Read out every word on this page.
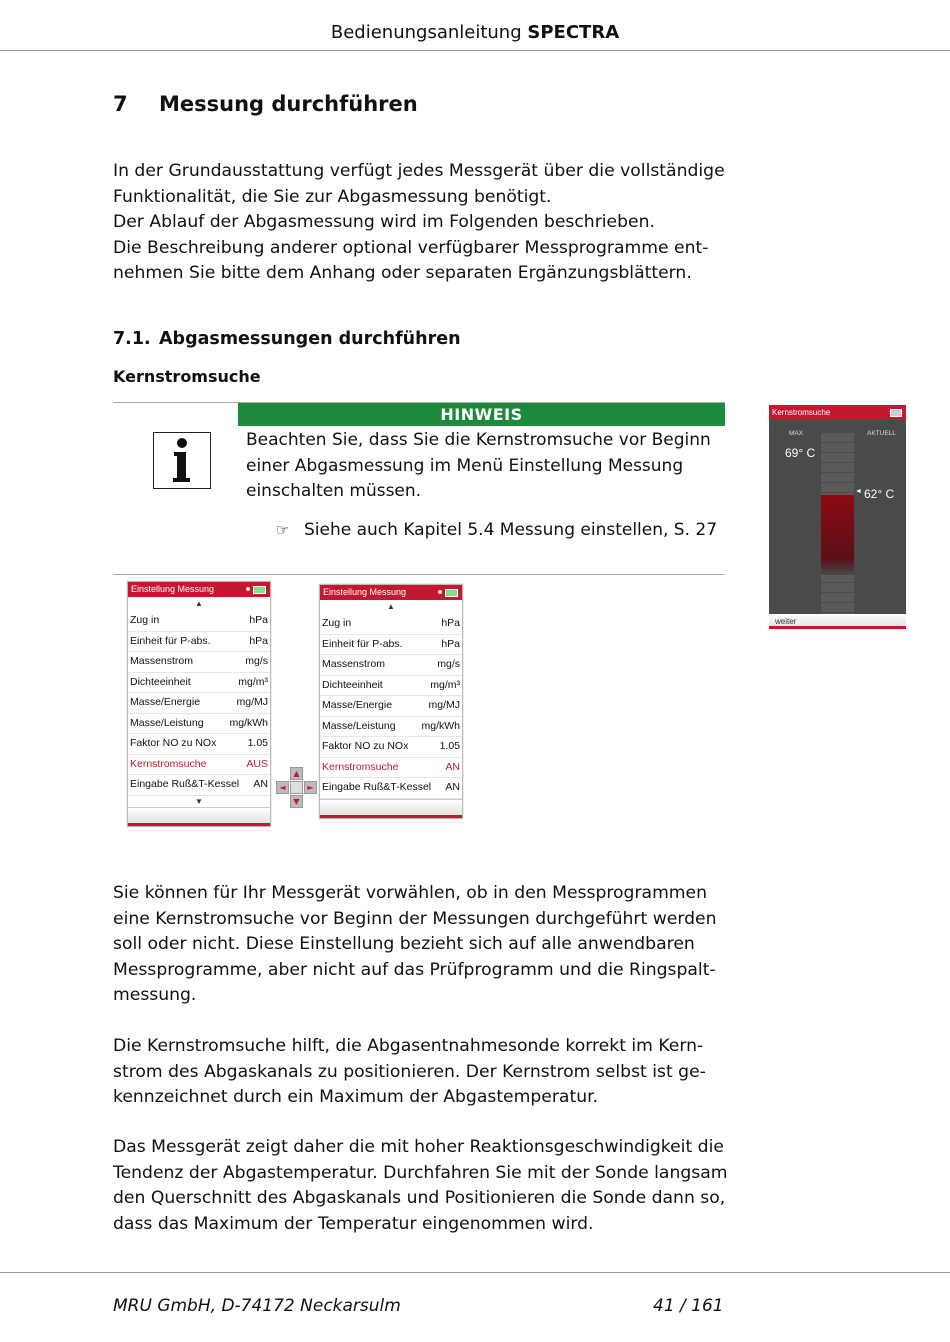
Bedienungsanleitung SPECTRA
7 Messung durchführen

In der Grundausstattung verfügt jedes Messgerät über die vollständige

Funktionalität, die Sie zur Abgasmessung benötigt.

Der Ablauf der Abgasmessung wird im Folgenden beschrieben.

Die Beschreibung anderer optional verfügbarer Messprogramme ent-

nehmen Sie bitte dem Anhang oder separaten Ergänzungsblättern.

7.1. Abgasmessungen durchführen
Kernstromsuche
HINWEIS
Beachten Sie, dass Sie die Kernstromsuche vor Beginn
einer Abgasmessung im Menü Einstellung Messung
einschalten müssen.
☞ Siehe auch Kapitel 5.4 Messung einstellen, S. 27
Kernstromsuche
MAX	AKTUELL
69° C
◄ 62° C
weiter
Einstellung Messung
▲
Zug in	hPa
Einheit für P-abs.	hPa
Massenstrom	mg/s
Dichteeinheit	mg/m³
Masse/Energie	mg/MJ
Masse/Leistung mg/kWh
Faktor NO zu NOx	1.05
Kernstromsuche	AUS
Eingabe Ruß&T-Kessel AN
▼
▲
◄	►
▼
Einstellung Messung
▲
Zug in	hPa
Einheit für P-abs.	hPa
Massenstrom	mg/s
Dichteeinheit	mg/m³
Masse/Energie	mg/MJ
Masse/Leistung mg/kWh
Faktor NO zu NOx	1.05
Kernstromsuche	AN
Eingabe Ruß&T-Kessel AN

Sie können für Ihr Messgerät vorwählen, ob in den Messprogrammen

eine Kernstromsuche vor Beginn der Messungen durchgeführt werden

soll oder nicht. Diese Einstellung bezieht sich auf alle anwendbaren

Messprogramme, aber nicht auf das Prüfprogramm und die Ringspalt-

messung.

Die Kernstromsuche hilft, die Abgasentnahmesonde korrekt im Kern-

strom des Abgaskanals zu positionieren. Der Kernstrom selbst ist ge-

kennzeichnet durch ein Maximum der Abgastemperatur.

Das Messgerät zeigt daher die mit hoher Reaktionsgeschwindigkeit die

Tendenz der Abgastemperatur. Durchfahren Sie mit der Sonde langsam

den Querschnitt des Abgaskanals und Positionieren die Sonde dann so,

dass das Maximum der Temperatur eingenommen wird.

MRU GmbH, D-74172 Neckarsulm	41 / 161
